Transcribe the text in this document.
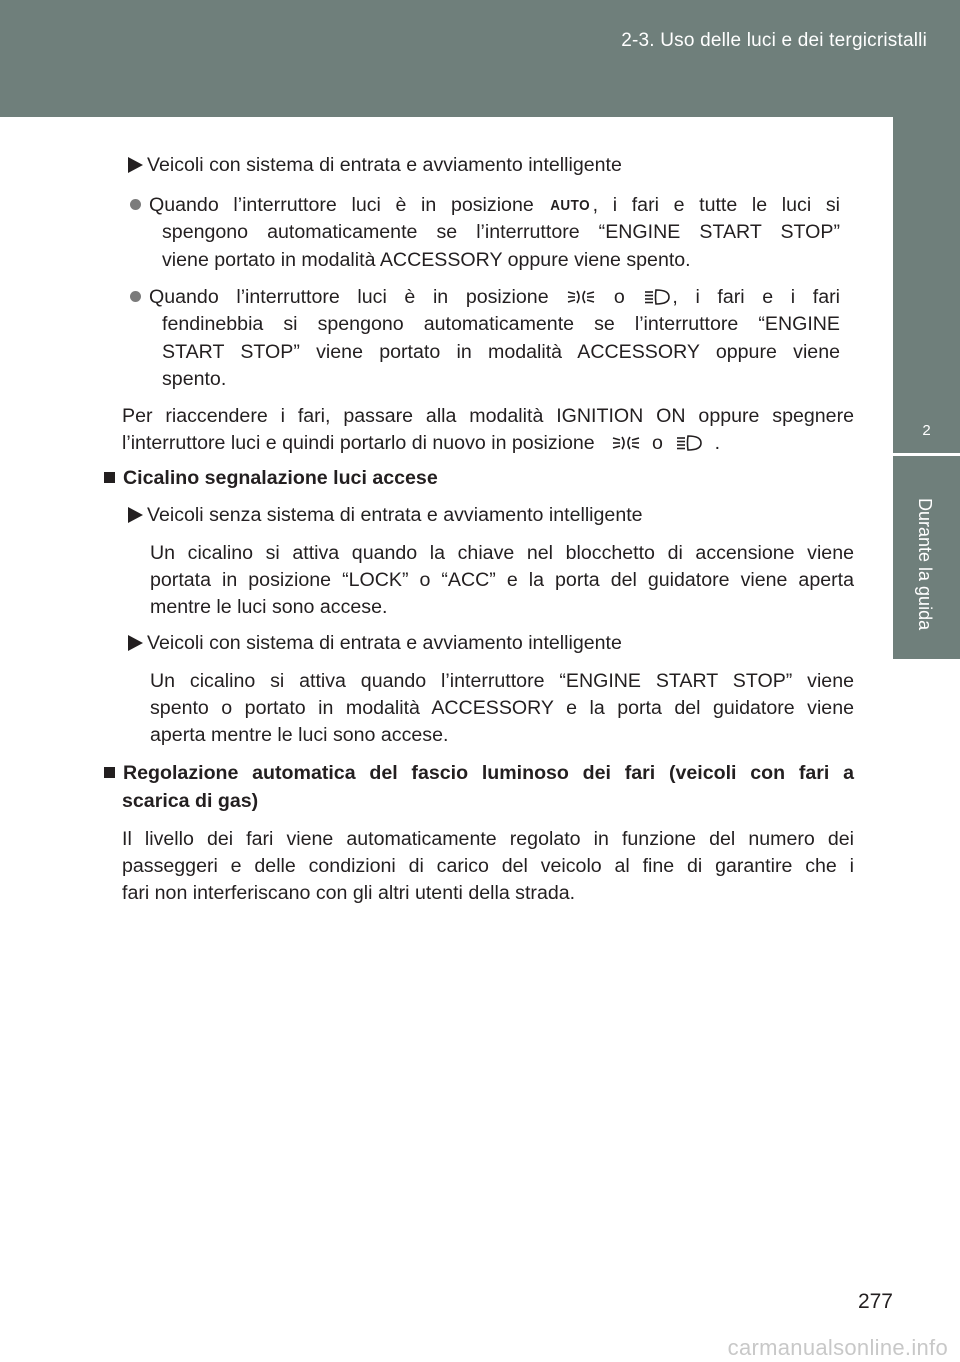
2-3. Uso delle luci e dei tergicristalli
2
Durante la guida
Veicoli con sistema di entrata e avviamento intelligente
Quando l’interruttore luci è in posizione AUTO , i fari e tutte le luci si
spengono automaticamente se l’interruttore “ENGINE START STOP”
viene portato in modalità ACCESSORY oppure viene spento.
Quando l’interruttore luci è in posizione	o , i fari e i fari
fendinebbia si spengono automaticamente se l’interruttore “ENGINE
START STOP” viene portato in modalità ACCESSORY oppure viene
spento.
Per riaccendere i fari, passare alla modalità IGNITION ON oppure spegnere
l’interruttore luci e quindi portarlo di nuovo in posizione	o	.
Cicalino segnalazione luci accese
Veicoli senza sistema di entrata e avviamento intelligente
Un cicalino si attiva quando la chiave nel blocchetto di accensione viene
portata in posizione “LOCK” o “ACC” e la porta del guidatore viene aperta
mentre le luci sono accese.
Veicoli con sistema di entrata e avviamento intelligente
Un cicalino si attiva quando l’interruttore “ENGINE START STOP” viene
spento o portato in modalità ACCESSORY e la porta del guidatore viene
aperta mentre le luci sono accese.
Regolazione automatica del fascio luminoso dei fari (veicoli con fari a
scarica di gas)
Il livello dei fari viene automaticamente regolato in funzione del numero dei
passeggeri e delle condizioni di carico del veicolo al fine di garantire che i
fari non interferiscano con gli altri utenti della strada.
277
carmanualsonline.info
